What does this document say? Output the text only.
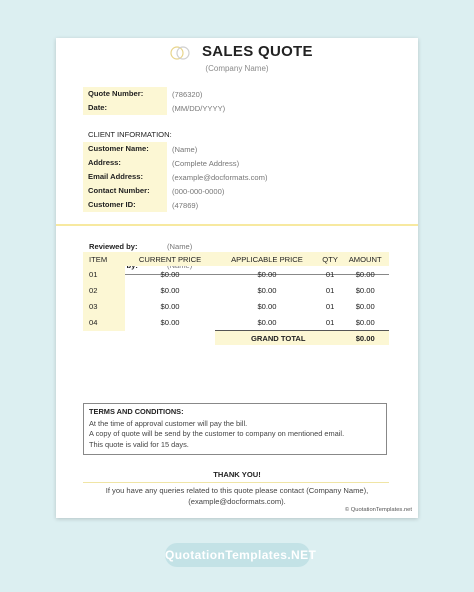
SALES QUOTE
(Company Name)
Quote Number:	(786320)
Date:	(MM/DD/YYYY)
CLIENT INFORMATION:
Customer Name:	(Name)
Address:	(Complete Address)
Email Address:	(example@docformats.com)
Contact Number:	(000-000-0000)
Customer ID:	(47869)
Reviewed by:	(Name)
ITEM	CURRENT PRICE	APPLICABLE PRICE	QTY	AMOUNT
01	$0.00	$0.00	01	$0.00
02	$0.00	$0.00	01	$0.00
03	$0.00	$0.00	01	$0.00
04	$0.00	$0.00	01	$0.00
		GRAND TOTAL		$0.00
TERMS AND CONDITIONS:
At the time of approval customer will pay the bill.
A copy of quote will be send by the customer to company on mentioned email.
This quote is valid for 15 days.
THANK YOU!
If you have any queries related to this quote please contact (Company Name),
(example@docformats.com).
© QuotationTemplates.net
QuotationTemplates.NET
